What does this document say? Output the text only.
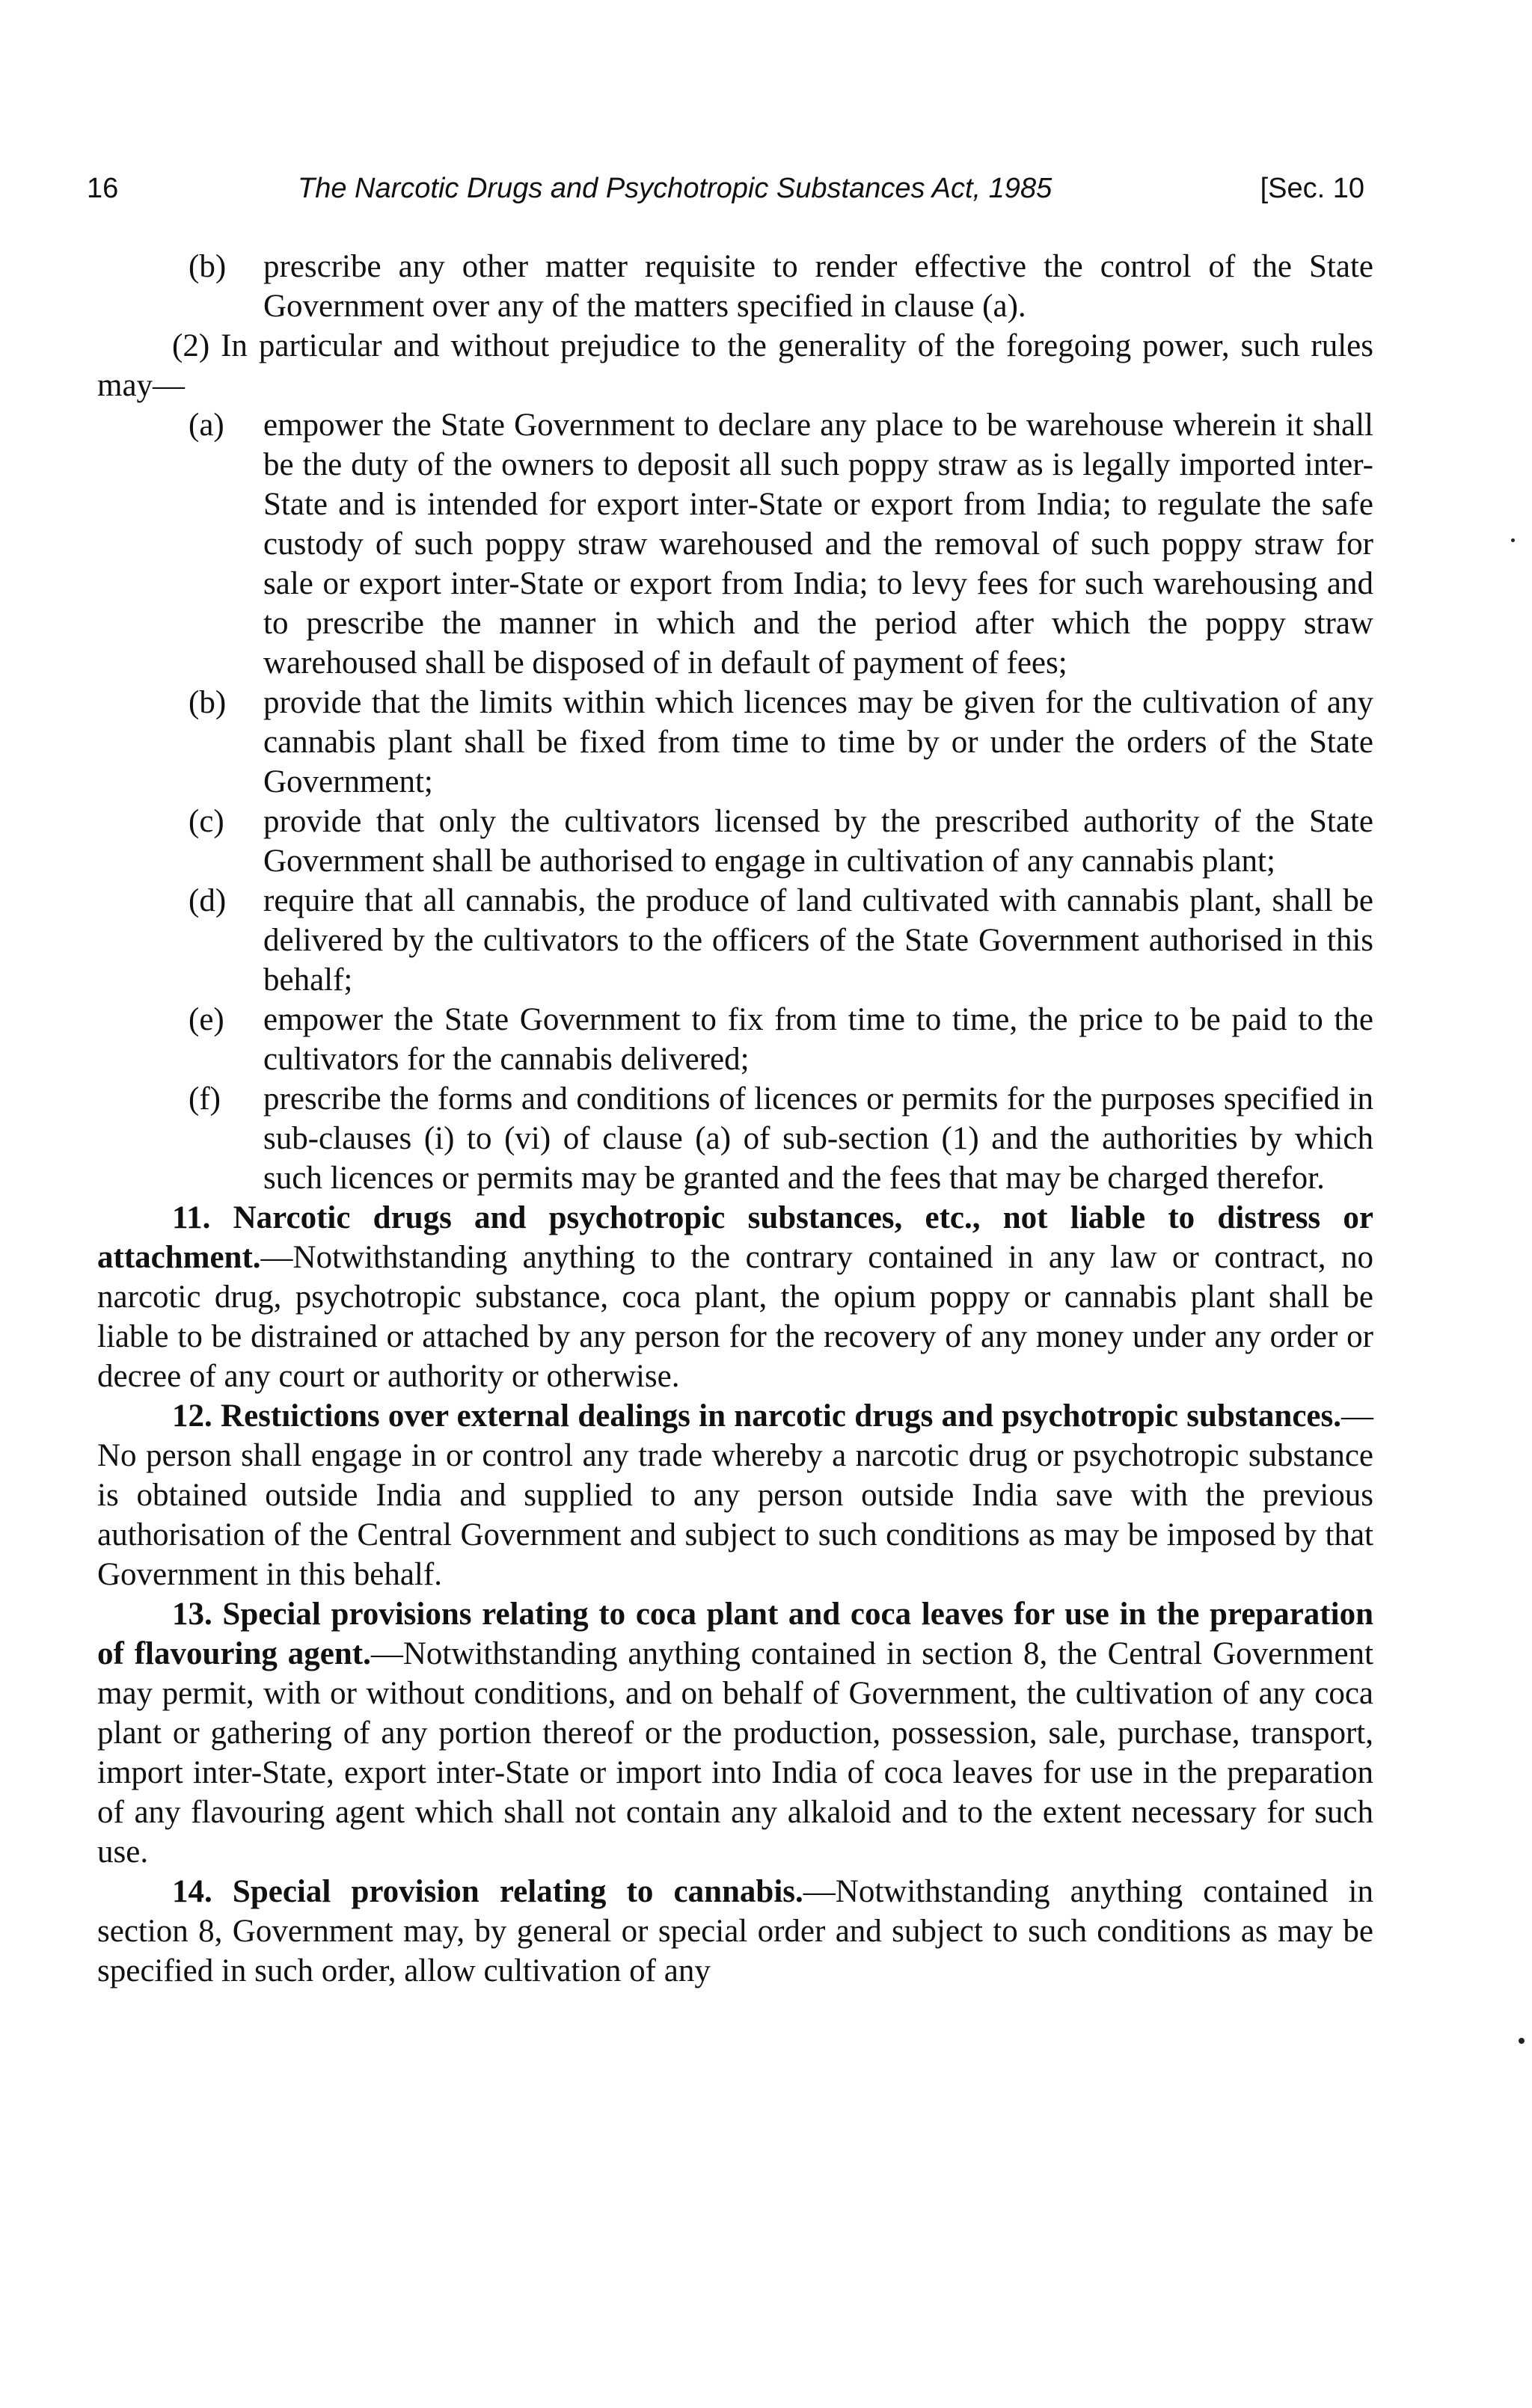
16	The Narcotic Drugs and Psychotropic Substances Act, 1985	[Sec. 10
(b)	prescribe any other matter requisite to render effective the control of the State Government over any of the matters specified in clause (a).

(2) In particular and without prejudice to the generality of the foregoing power, such rules may—

(a)	empower the State Government to declare any place to be warehouse wherein it shall be the duty of the owners to deposit all such poppy straw as is legally imported inter-State and is intended for export inter-State or export from India; to regulate the safe custody of such poppy straw warehoused and the removal of such poppy straw for sale or export inter-State or export from India; to levy fees for such warehousing and to prescribe the manner in which and the period after which the poppy straw warehoused shall be disposed of in default of payment of fees;
(b)	provide that the limits within which licences may be given for the cultivation of any cannabis plant shall be fixed from time to time by or under the orders of the State Government;
(c)	provide that only the cultivators licensed by the prescribed authority of the State Government shall be authorised to engage in cultivation of any cannabis plant;
(d)	require that all cannabis, the produce of land cultivated with cannabis plant, shall be delivered by the cultivators to the officers of the State Government authorised in this behalf;
(e)	empower the State Government to fix from time to time, the price to be paid to the cultivators for the cannabis delivered;
(f)	prescribe the forms and conditions of licences or permits for the purposes specified in sub-clauses (i) to (vi) of clause (a) of sub-section (1) and the authorities by which such licences or permits may be granted and the fees that may be charged therefor.

11. Narcotic drugs and psychotropic substances, etc., not liable to distress or attachment.—Notwithstanding anything to the contrary contained in any law or contract, no narcotic drug, psychotropic substance, coca plant, the opium poppy or cannabis plant shall be liable to be distrained or attached by any person for the recovery of any money under any order or decree of any court or authority or otherwise.

12. Restıictions over external dealings in narcotic drugs and psychotropic substances.—No person shall engage in or control any trade whereby a narcotic drug or psychotropic substance is obtained outside India and supplied to any person outside India save with the previous authorisation of the Central Government and subject to such conditions as may be imposed by that Government in this behalf.

13. Special provisions relating to coca plant and coca leaves for use in the preparation of flavouring agent.—Notwithstanding anything contained in section 8, the Central Government may permit, with or without conditions, and on behalf of Government, the cultivation of any coca plant or gathering of any portion thereof or the production, possession, sale, purchase, transport, import inter-State, export inter-State or import into India of coca leaves for use in the preparation of any flavouring agent which shall not contain any alkaloid and to the extent necessary for such use.

14. Special provision relating to cannabis.—Notwithstanding anything contained in section 8, Government may, by general or special order and subject to such conditions as may be specified in such order, allow cultivation of any
